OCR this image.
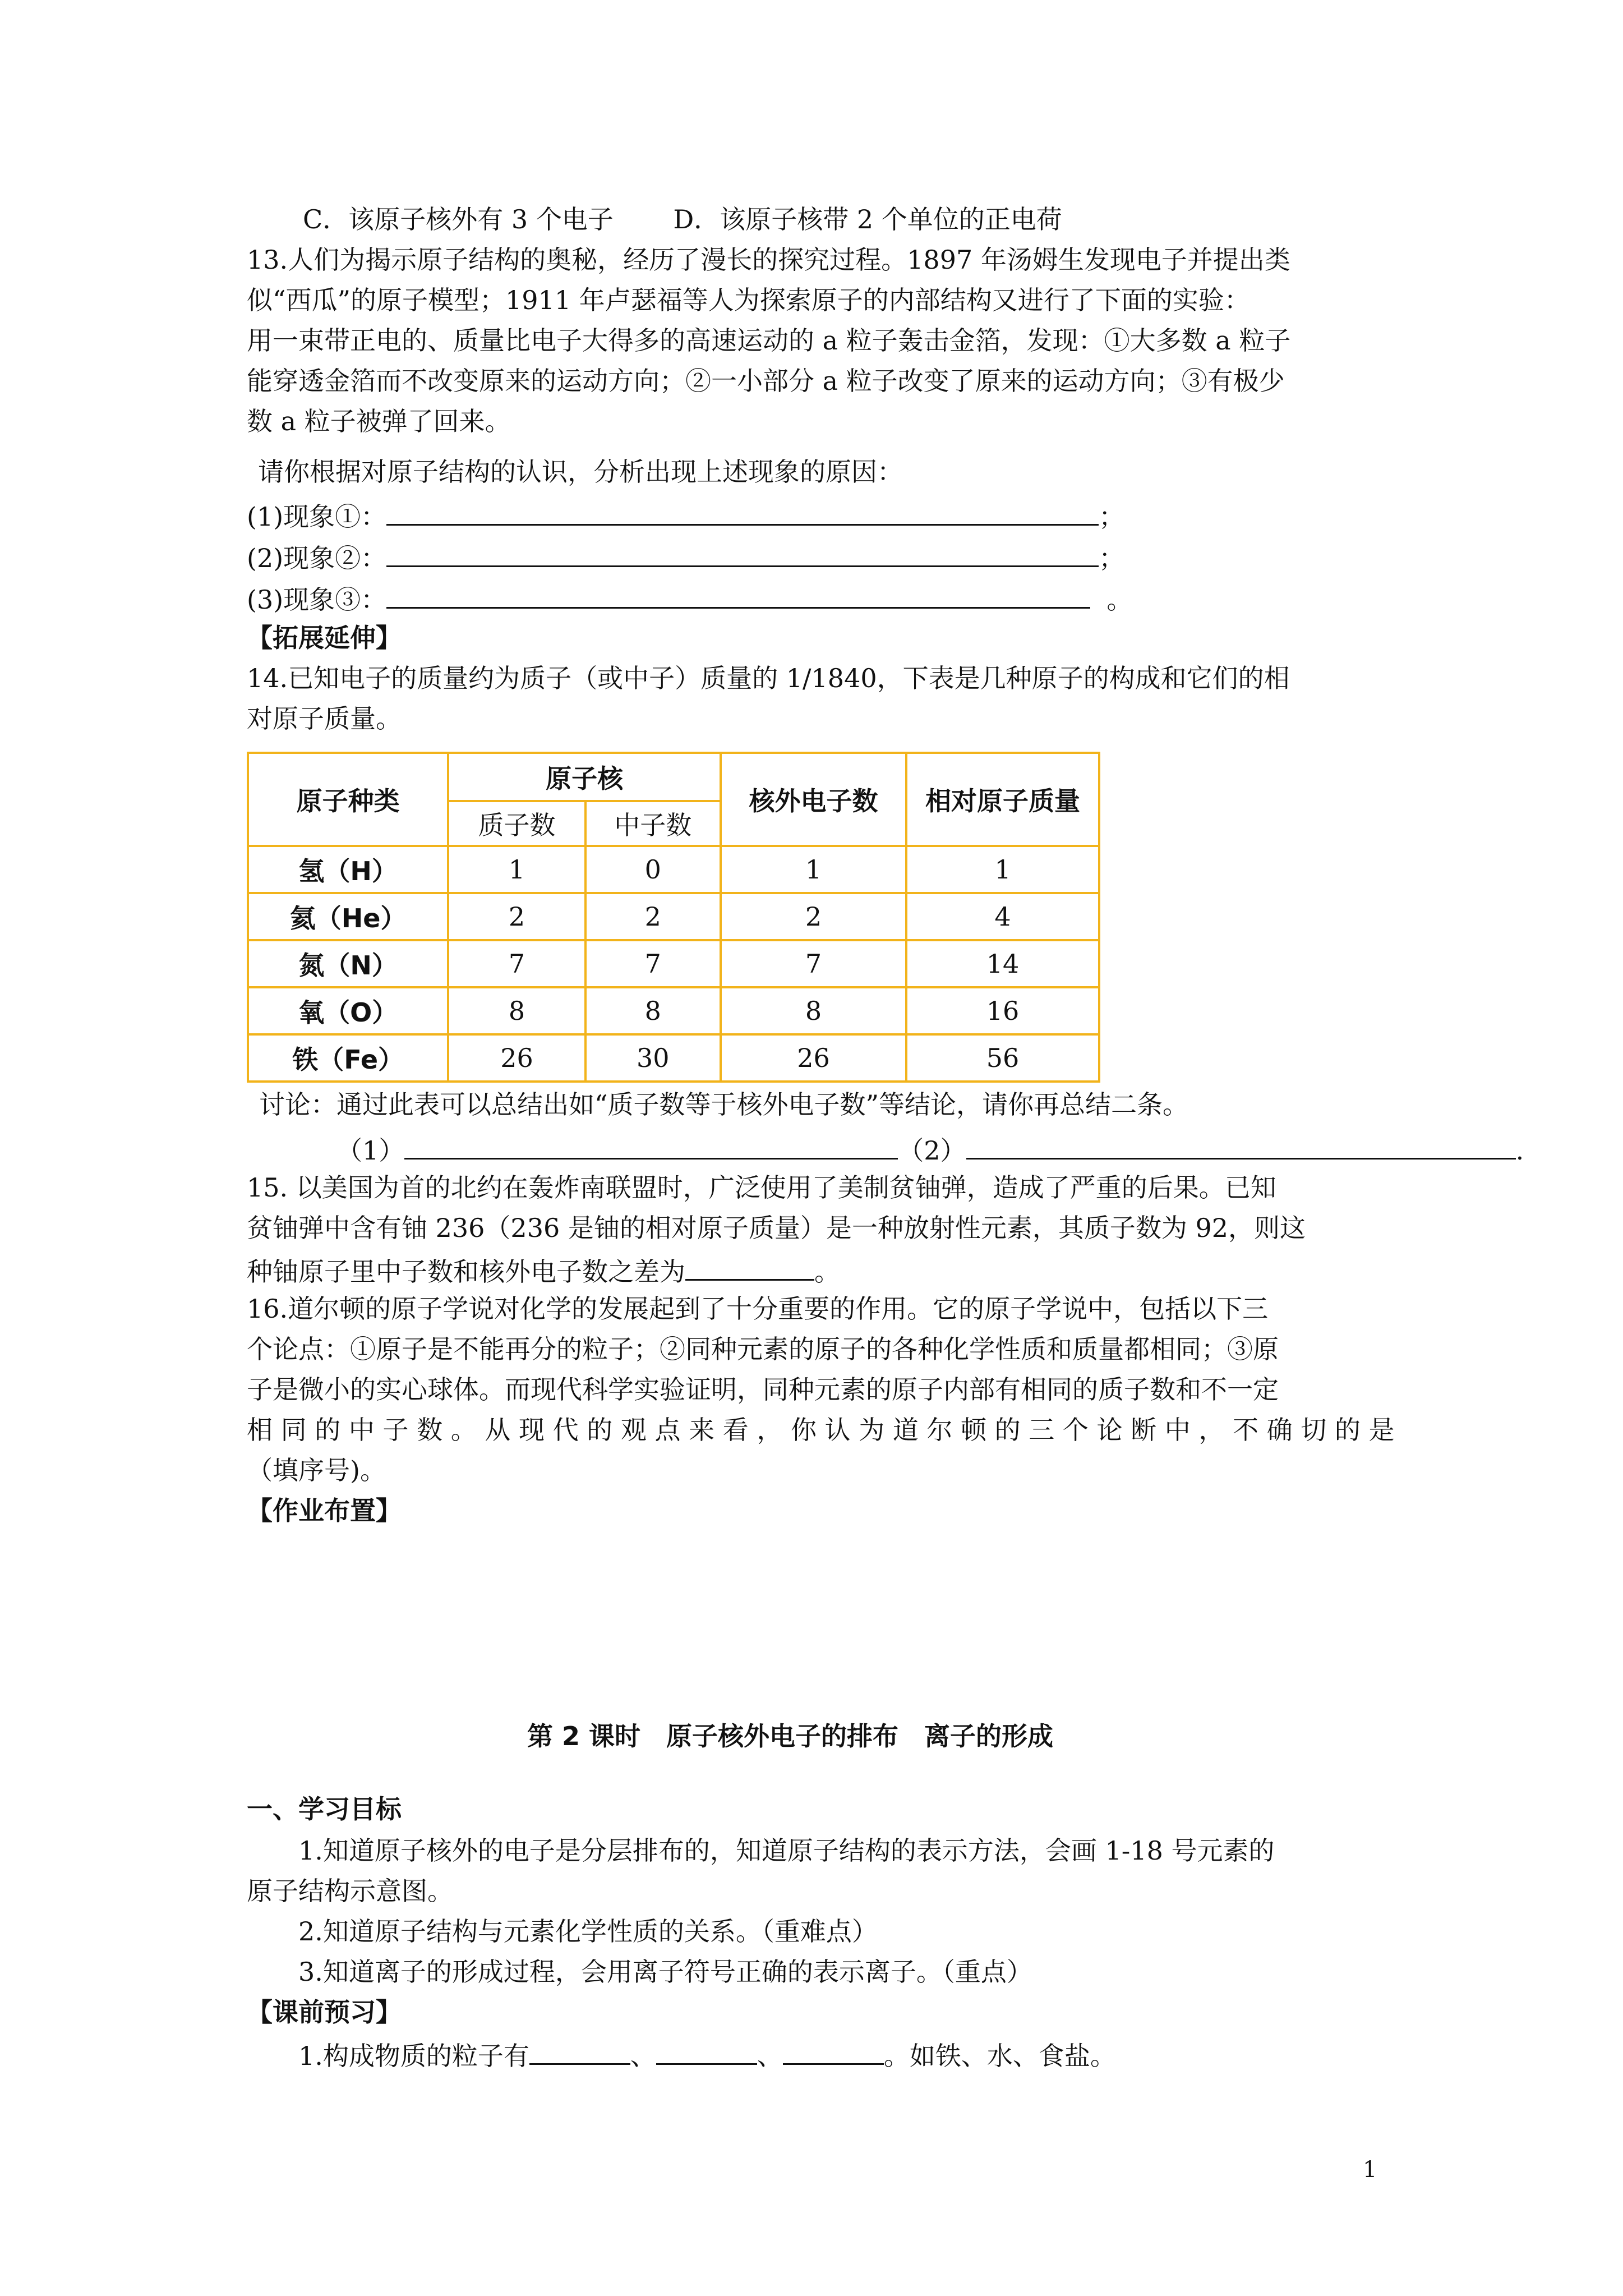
C．该原子核外有 3 个电子 　　D．该原子核带 2 个单位的正电荷
13.人们为揭示原子结构的奥秘，经历了漫长的探究过程。1897 年汤姆生发现电子并提出类
似“西瓜”的原子模型；1911 年卢瑟福等人为探索原子的内部结构又进行了下面的实验：
用一束带正电的、质量比电子大得多的高速运动的 a 粒子轰击金箔，发现：①大多数 a 粒子
能穿透金箔而不改变原来的运动方向；②一小部分 a 粒子改变了原来的运动方向；③有极少
数 a 粒子被弹了回来。
请你根据对原子结构的认识，分析出现上述现象的原因：
(1)现象①：	；
(2)现象②：	；
(3)现象③：	。
【拓展延伸】
14.已知电子的质量约为质子（或中子）质量的 1/1840，下表是几种原子的构成和它们的相
对原子质量。
原子种类	原子核		核外电子数	相对原子质量
	质子数	中子数		
氢（H）	1	0	1	1
氦（He）	2	2	2	4
氮（N）	7	7	7	14
氧（O）	8	8	8	16
铁（Fe）	26	30	26	56
讨论：通过此表可以总结出如“质子数等于核外电子数”等结论，请你再总结二条。
（1）	（2）	.
15. 以美国为首的北约在轰炸南联盟时，广泛使用了美制贫铀弹，造成了严重的后果。已知
贫铀弹中含有铀 236（236 是铀的相对原子质量）是一种放射性元素，其质子数为 92，则这
种铀原子里中子数和核外电子数之差为	。
16.道尔顿的原子学说对化学的发展起到了十分重要的作用。它的原子学说中，包括以下三
个论点：①原子是不能再分的粒子；②同种元素的原子的各种化学性质和质量都相同；③原
子是微小的实心球体。而现代科学实验证明，同种元素的原子内部有相同的质子数和不一定
相 同 的 中 子 数 。 从 现 代 的 观 点 来 看 ， 你 认 为 道 尔 顿 的 三 个 论 断 中 ， 不 确 切 的 是
（填序号)。
【作业布置】
第 2 课时　原子核外电子的排布　离子的形成
一、学习目标
1.知道原子核外的电子是分层排布的，知道原子结构的表示方法，会画 1-18 号元素的
原子结构示意图。
2.知道原子结构与元素化学性质的关系。（重难点）
3.知道离子的形成过程，会用离子符号正确的表示离子。（重点）
【课前预习】
1.构成物质的粒子有	、	、	。如铁、水、食盐。
1
